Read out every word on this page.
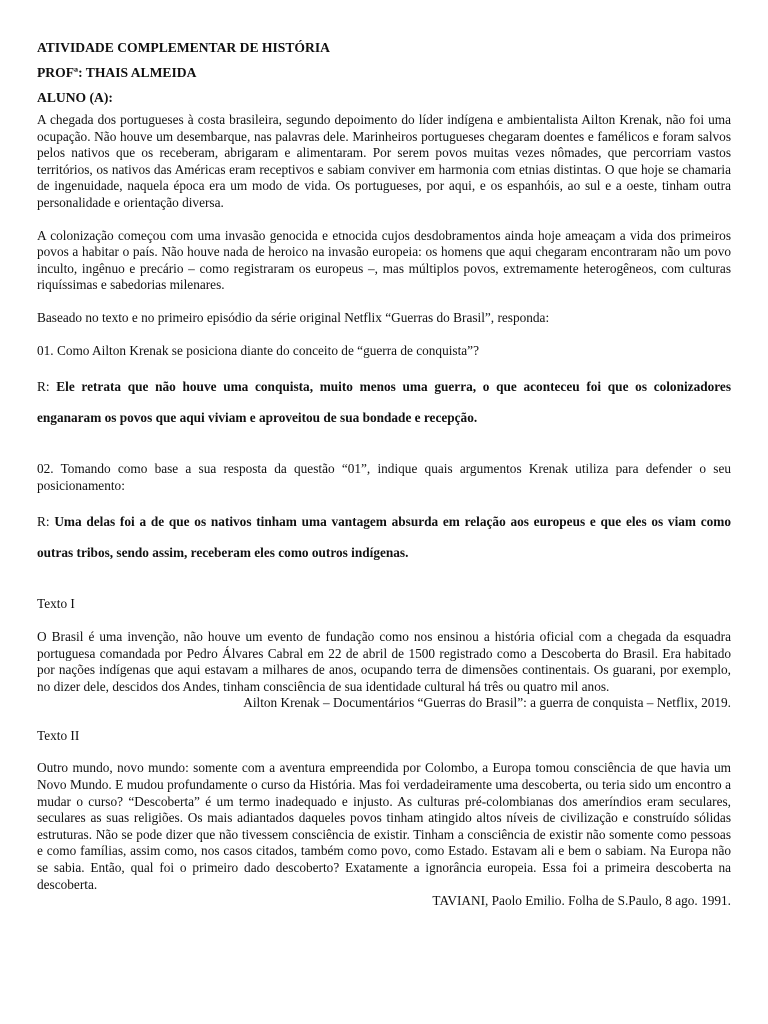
ATIVIDADE COMPLEMENTAR DE HISTÓRIA

PROFª: THAIS ALMEIDA

ALUNO (A):

A chegada dos portugueses à costa brasileira, segundo depoimento do líder indígena e ambientalista Ailton Krenak, não foi uma ocupação. Não houve um desembarque, nas palavras dele. Marinheiros portugueses chegaram doentes e famélicos e foram salvos pelos nativos que os receberam, abrigaram e alimentaram. Por serem povos muitas vezes nômades, que percorriam vastos territórios, os nativos das Américas eram receptivos e sabiam conviver em harmonia com etnias distintas. O que hoje se chamaria de ingenuidade, naquela época era um modo de vida. Os portugueses, por aqui, e os espanhóis, ao sul e a oeste, tinham outra personalidade e orientação diversa.

A colonização começou com uma invasão genocida e etnocida cujos desdobramentos ainda hoje ameaçam a vida dos primeiros povos a habitar o país. Não houve nada de heroico na invasão europeia: os homens que aqui chegaram encontraram não um povo inculto, ingênuo e precário – como registraram os europeus –, mas múltiplos povos, extremamente heterogêneos, com culturas riquíssimas e sabedorias milenares.

Baseado no texto e no primeiro episódio da série original Netflix “Guerras do Brasil”, responda:

01. Como Ailton Krenak se posiciona diante do conceito de “guerra de conquista”?

R: Ele retrata que não houve uma conquista, muito menos uma guerra, o que aconteceu foi que os colonizadores enganaram os povos que aqui viviam e aproveitou de sua bondade e recepção.

02. Tomando como base a sua resposta da questão “01”, indique quais argumentos Krenak utiliza para defender o seu posicionamento:

R: Uma delas foi a de que os nativos tinham uma vantagem absurda em relação aos europeus e que eles os viam como outras tribos, sendo assim, receberam eles como outros indígenas.

Texto I

O Brasil é uma invenção, não houve um evento de fundação como nos ensinou a história oficial com a chegada da esquadra portuguesa comandada por Pedro Álvares Cabral em 22 de abril de 1500 registrado como a Descoberta do Brasil. Era habitado por nações indígenas que aqui estavam a milhares de anos, ocupando terra de dimensões continentais. Os guarani, por exemplo, no dizer dele, descidos dos Andes, tinham consciência de sua identidade cultural há três ou quatro mil anos.

Ailton Krenak – Documentários “Guerras do Brasil”: a guerra de conquista – Netflix, 2019.

Texto II

Outro mundo, novo mundo: somente com a aventura empreendida por Colombo, a Europa tomou consciência de que havia um Novo Mundo. E mudou profundamente o curso da História. Mas foi verdadeiramente uma descoberta, ou teria sido um encontro a mudar o curso? “Descoberta” é um termo inadequado e injusto. As culturas pré-colombianas dos ameríndios eram seculares, seculares as suas religiões. Os mais adiantados daqueles povos tinham atingido altos níveis de civilização e construído sólidas estruturas. Não se pode dizer que não tivessem consciência de existir. Tinham a consciência de existir não somente como pessoas e como famílias, assim como, nos casos citados, também como povo, como Estado. Estavam ali e bem o sabiam. Na Europa não se sabia. Então, qual foi o primeiro dado descoberto? Exatamente a ignorância europeia. Essa foi a primeira descoberta na descoberta.

TAVIANI, Paolo Emilio. Folha de S.Paulo, 8 ago. 1991.
